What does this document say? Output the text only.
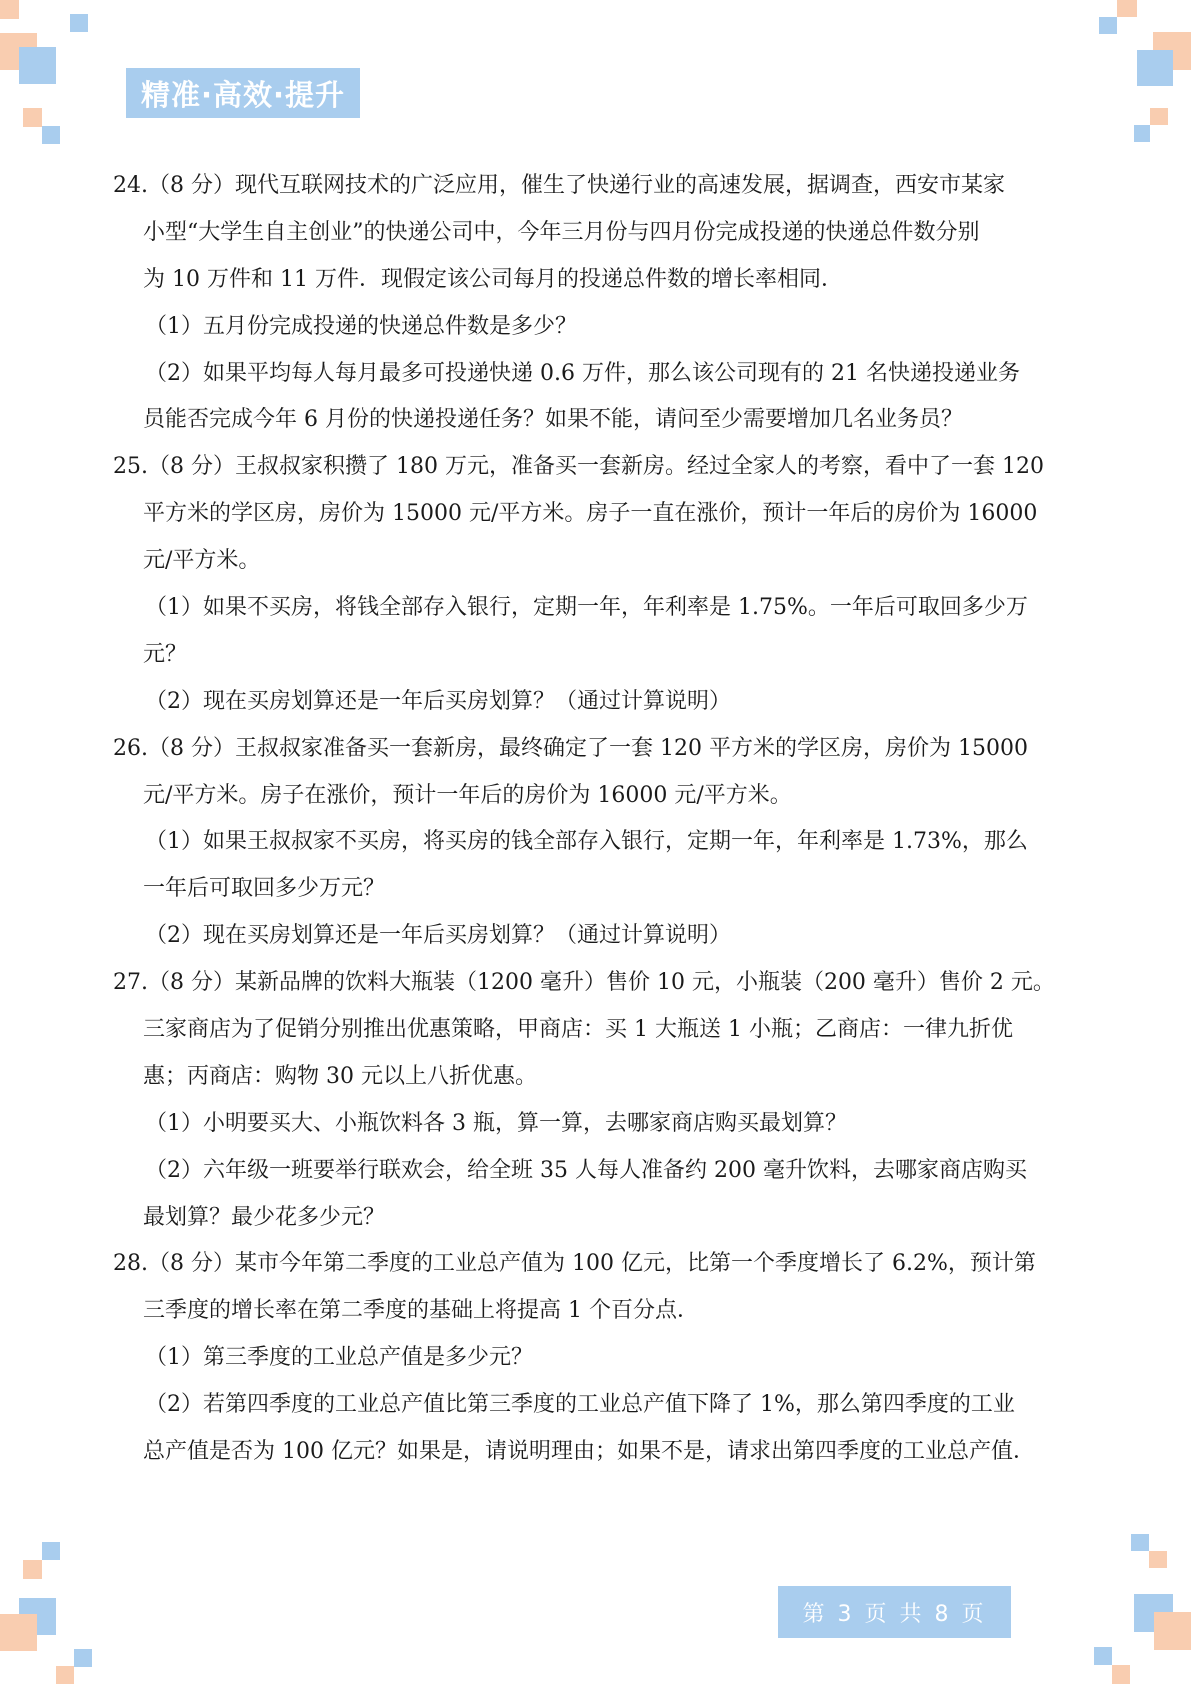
精准·高效·提升
24.（8 分）现代互联网技术的广泛应用，催生了快递行业的高速发展，据调查，西安市某家
小型“大学生自主创业”的快递公司中，今年三月份与四月份完成投递的快递总件数分别
为 10 万件和 11 万件．现假定该公司每月的投递总件数的增长率相同．
（1）五月份完成投递的快递总件数是多少？
（2）如果平均每人每月最多可投递快递 0.6 万件，那么该公司现有的 21 名快递投递业务
员能否完成今年 6 月份的快递投递任务？如果不能，请问至少需要增加几名业务员？
25.（8 分）王叔叔家积攒了 180 万元，准备买一套新房。经过全家人的考察，看中了一套 120
平方米的学区房，房价为 15000 元/平方米。房子一直在涨价，预计一年后的房价为 16000
元/平方米。
（1）如果不买房，将钱全部存入银行，定期一年，年利率是 1.75%。一年后可取回多少万
元？
（2）现在买房划算还是一年后买房划算？（通过计算说明）
26.（8 分）王叔叔家准备买一套新房，最终确定了一套 120 平方米的学区房，房价为 15000
元/平方米。房子在涨价，预计一年后的房价为 16000 元/平方米。
（1）如果王叔叔家不买房，将买房的钱全部存入银行，定期一年，年利率是 1.73%，那么
一年后可取回多少万元？
（2）现在买房划算还是一年后买房划算？（通过计算说明）
27.（8 分）某新品牌的饮料大瓶装（1200 毫升）售价 10 元，小瓶装（200 毫升）售价 2 元。
三家商店为了促销分别推出优惠策略，甲商店：买 1 大瓶送 1 小瓶；乙商店：一律九折优
惠；丙商店：购物 30 元以上八折优惠。
（1）小明要买大、小瓶饮料各 3 瓶，算一算，去哪家商店购买最划算？
（2）六年级一班要举行联欢会，给全班 35 人每人准备约 200 毫升饮料，去哪家商店购买
最划算？最少花多少元？
28.（8 分）某市今年第二季度的工业总产值为 100 亿元，比第一个季度增长了 6.2%，预计第
三季度的增长率在第二季度的基础上将提高 1 个百分点．
（1）第三季度的工业总产值是多少元？
（2）若第四季度的工业总产值比第三季度的工业总产值下降了 1%，那么第四季度的工业
总产值是否为 100 亿元？如果是，请说明理由；如果不是，请求出第四季度的工业总产值．
第 3 页 共 8 页
